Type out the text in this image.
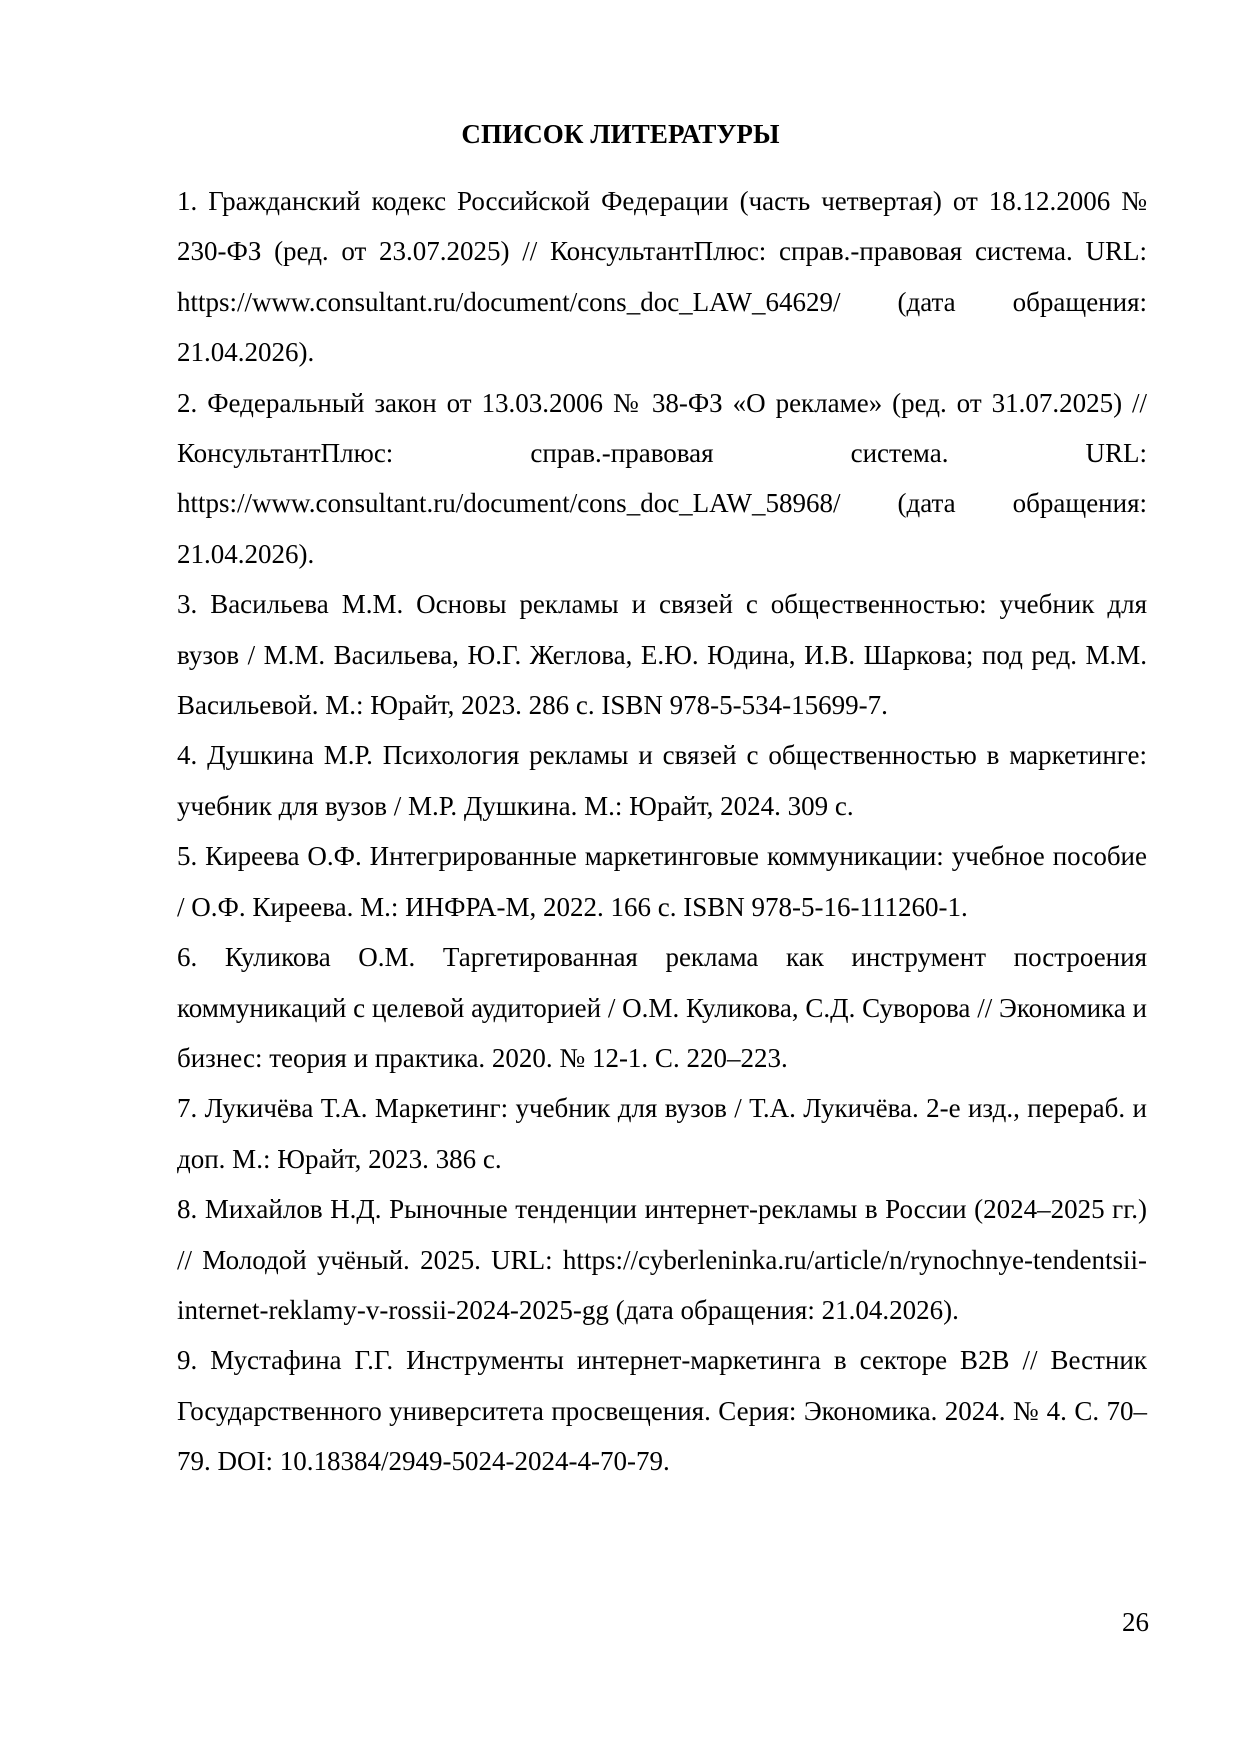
СПИСОК ЛИТЕРАТУРЫ

1. Гражданский кодекс Российской Федерации (часть четвертая) от 18.12.2006 № 230-ФЗ (ред. от 23.07.2025) // КонсультантПлюс: справ.-правовая система. URL: https://www.consultant.ru/document/cons_doc_LAW_64629/ (дата обращения: 21.04.2026).

2. Федеральный закон от 13.03.2006 № 38-ФЗ «О рекламе» (ред. от 31.07.2025) // КонсультантПлюс: справ.-правовая система. URL: https://www.consultant.ru/document/cons_doc_LAW_58968/ (дата обращения: 21.04.2026).

3. Васильева М.М. Основы рекламы и связей с общественностью: учебник для вузов / М.М. Васильева, Ю.Г. Жеглова, Е.Ю. Юдина, И.В. Шаркова; под ред. М.М. Васильевой. М.: Юрайт, 2023. 286 с. ISBN 978-5-534-15699-7.

4. Душкина М.Р. Психология рекламы и связей с общественностью в маркетинге: учебник для вузов / М.Р. Душкина. М.: Юрайт, 2024. 309 с.

5. Киреева О.Ф. Интегрированные маркетинговые коммуникации: учебное пособие / О.Ф. Киреева. М.: ИНФРА-М, 2022. 166 с. ISBN 978-5-16-111260-1.

6. Куликова О.М. Таргетированная реклама как инструмент построения коммуникаций с целевой аудиторией / О.М. Куликова, С.Д. Суворова // Экономика и бизнес: теория и практика. 2020. № 12-1. С. 220–223.

7. Лукичёва Т.А. Маркетинг: учебник для вузов / Т.А. Лукичёва. 2-е изд., перераб. и доп. М.: Юрайт, 2023. 386 с.

8. Михайлов Н.Д. Рыночные тенденции интернет-рекламы в России (2024–2025 гг.) // Молодой учёный. 2025. URL: https://cyberleninka.ru/article/n/rynochnye-tendentsii-internet-reklamy-v-rossii-2024-2025-gg (дата обращения: 21.04.2026).

9. Мустафина Г.Г. Инструменты интернет-маркетинга в секторе B2B // Вестник Государственного университета просвещения. Серия: Экономика. 2024. № 4. С. 70–79. DOI: 10.18384/2949-5024-2024-4-70-79.

26
